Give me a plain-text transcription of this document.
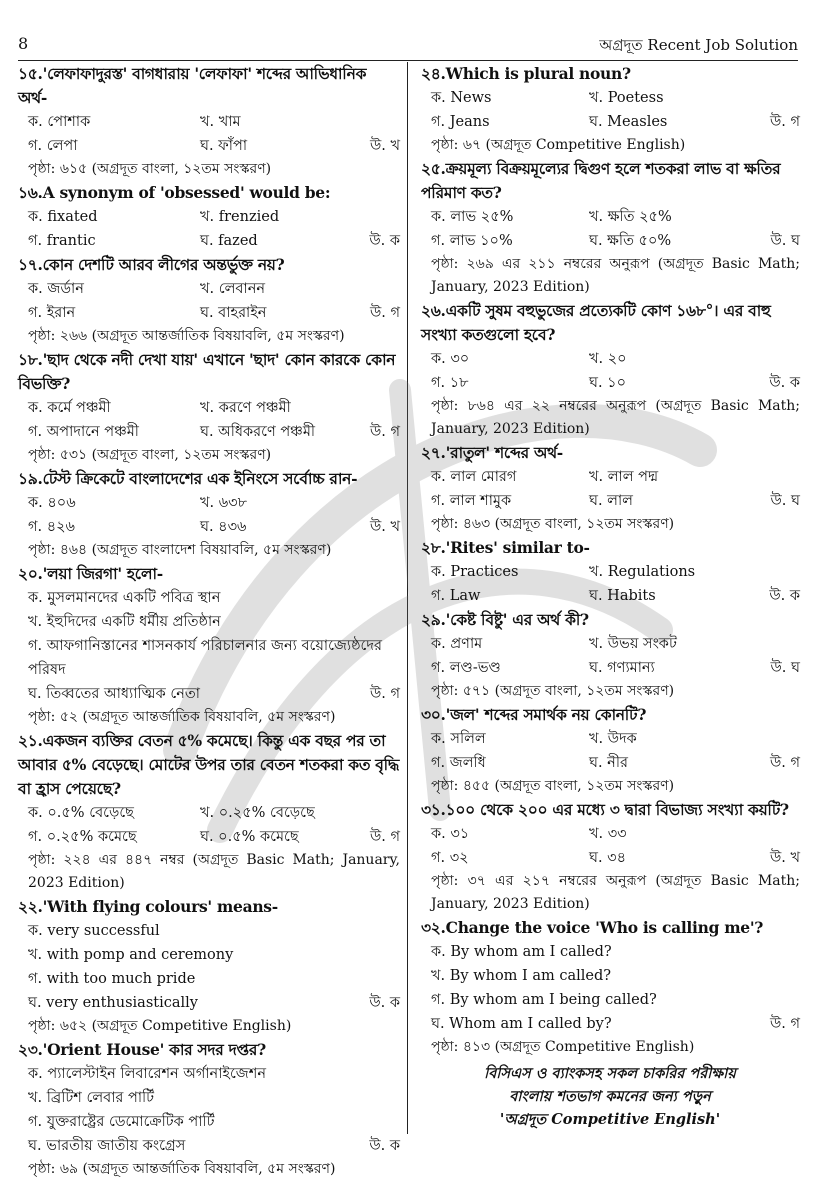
8	অগ্রদূত Recent Job Solution
১৫.'লেফাফাদুরস্ত' বাগধারায় 'লেফাফা' শব্দের আভিধানিক অর্থ-
ক. পোশাক	খ. খাম
গ. লেপা	ঘ. ফাঁপা	উ. খ
পৃষ্ঠা: ৬১৫ (অগ্রদূত বাংলা, ১২তম সংস্করণ)
১৬.A synonym of 'obsessed' would be:
ক. fixated	খ. frenzied
গ. frantic	ঘ. fazed	উ. ক
১৭.কোন দেশটি আরব লীগের অন্তর্ভুক্ত নয়?
ক. জর্ডান	খ. লেবানন
গ. ইরান	ঘ. বাহরাইন	উ. গ
পৃষ্ঠা: ২৬৬ (অগ্রদূত আন্তর্জাতিক বিষয়াবলি, ৫ম সংস্করণ)
১৮.'ছাদ থেকে নদী দেখা যায়' এখানে 'ছাদ' কোন কারকে কোন বিভক্তি?
ক. কর্মে পঞ্চমী	খ. করণে পঞ্চমী
গ. অপাদানে পঞ্চমী	ঘ. অধিকরণে পঞ্চমী	উ. গ
পৃষ্ঠা: ৫৩১ (অগ্রদূত বাংলা, ১২তম সংস্করণ)
১৯.টেস্ট ক্রিকেটে বাংলাদেশের এক ইনিংসে সর্বোচ্চ রান-
ক. ৪০৬	খ. ৬৩৮
গ. ৪২৬	ঘ. ৪৩৬	উ. খ
পৃষ্ঠা: ৪৬৪ (অগ্রদূত বাংলাদেশ বিষয়াবলি, ৫ম সংস্করণ)
২০.'লয়া জিরগা' হলো-
ক. মুসলমানদের একটি পবিত্র স্থান
খ. ইহুদিদের একটি ধর্মীয় প্রতিষ্ঠান
গ. আফগানিস্তানের শাসনকার্য পরিচালনার জন্য বয়োজ্যেষ্ঠদের পরিষদ
ঘ. তিব্বতের আধ্যাত্মিক নেতা	উ. গ
পৃষ্ঠা: ৫২ (অগ্রদূত আন্তর্জাতিক বিষয়াবলি, ৫ম সংস্করণ)
২১.একজন ব্যক্তির বেতন ৫% কমেছে। কিন্তু এক বছর পর তা আবার ৫% বেড়েছে। মোটের উপর তার বেতন শতকরা কত বৃদ্ধি বা হ্রাস পেয়েছে?
ক. ০.৫% বেড়েছে	খ. ০.২৫% বেড়েছে
গ. ০.২৫% কমেছে	ঘ. ০.৫% কমেছে	উ. গ
পৃষ্ঠা: ২২৪ এর ৪৪৭ নম্বর (অগ্রদূত Basic Math; January, 2023 Edition)
২২.'With flying colours' means-
ক. very successful
খ. with pomp and ceremony
গ. with too much pride
ঘ. very enthusiastically	উ. ক
পৃষ্ঠা: ৬৫২ (অগ্রদূত Competitive English)
২৩.'Orient House' কার সদর দপ্তর?
ক. প্যালেস্টাইন লিবারেশন অর্গানাইজেশন
খ. ব্রিটিশ লেবার পার্টি
গ. যুক্তরাষ্ট্রের ডেমোক্রেটিক পার্টি
ঘ. ভারতীয় জাতীয় কংগ্রেস	উ. ক
পৃষ্ঠা: ৬৯ (অগ্রদূত আন্তর্জাতিক বিষয়াবলি, ৫ম সংস্করণ)
২৪.Which is plural noun?
ক. News	খ. Poetess
গ. Jeans	ঘ. Measles	উ. গ
পৃষ্ঠা: ৬৭ (অগ্রদূত Competitive English)
২৫.ক্রয়মূল্য বিক্রয়মূল্যের দ্বিগুণ হলে শতকরা লাভ বা ক্ষতির পরিমাণ কত?
ক. লাভ ২৫%	খ. ক্ষতি ২৫%
গ. লাভ ১০%	ঘ. ক্ষতি ৫০%	উ. ঘ
পৃষ্ঠা: ২৬৯ এর ২১১ নম্বরের অনুরূপ (অগ্রদূত Basic Math; January, 2023 Edition)
২৬.একটি সুষম বহুভুজের প্রত্যেকটি কোণ ১৬৮°। এর বাহু সংখ্যা কতগুলো হবে?
ক. ৩০	খ. ২০
গ. ১৮	ঘ. ১০	উ. ক
পৃষ্ঠা: ৮৬৪ এর ২২ নম্বরের অনুরূপ (অগ্রদূত Basic Math; January, 2023 Edition)
২৭.'রাতুল' শব্দের অর্থ-
ক. লাল মোরগ	খ. লাল পদ্ম
গ. লাল শামুক	ঘ. লাল	উ. ঘ
পৃষ্ঠা: ৪৬৩ (অগ্রদূত বাংলা, ১২তম সংস্করণ)
২৮.'Rites' similar to-
ক. Practices	খ. Regulations
গ. Law	ঘ. Habits	উ. ক
২৯.'কেষ্ট বিষ্টু' এর অর্থ কী?
ক. প্রণাম	খ. উভয় সংকট
গ. লণ্ড-ভণ্ড	ঘ. গণ্যমান্য	উ. ঘ
পৃষ্ঠা: ৫৭১ (অগ্রদূত বাংলা, ১২তম সংস্করণ)
৩০.'জল' শব্দের সমার্থক নয় কোনটি?
ক. সলিল	খ. উদক
গ. জলধি	ঘ. নীর	উ. গ
পৃষ্ঠা: ৪৫৫ (অগ্রদূত বাংলা, ১২তম সংস্করণ)
৩১.১০০ থেকে ২০০ এর মধ্যে ৩ দ্বারা বিভাজ্য সংখ্যা কয়টি?
ক. ৩১	খ. ৩৩
গ. ৩২	ঘ. ৩৪	উ. খ
পৃষ্ঠা: ৩৭ এর ২১৭ নম্বরের অনুরূপ (অগ্রদূত Basic Math; January, 2023 Edition)
৩২.Change the voice 'Who is calling me'?
ক. By whom am I called?
খ. By whom I am called?
গ. By whom am I being called?
ঘ. Whom am I called by?	উ. গ
পৃষ্ঠা: ৪১৩ (অগ্রদূত Competitive English)
বিসিএস ও ব্যাংকসহ সকল চাকরির পরীক্ষায়
বাংলায় শতভাগ কমনের জন্য পড়ুন
'অগ্রদূত Competitive English'
